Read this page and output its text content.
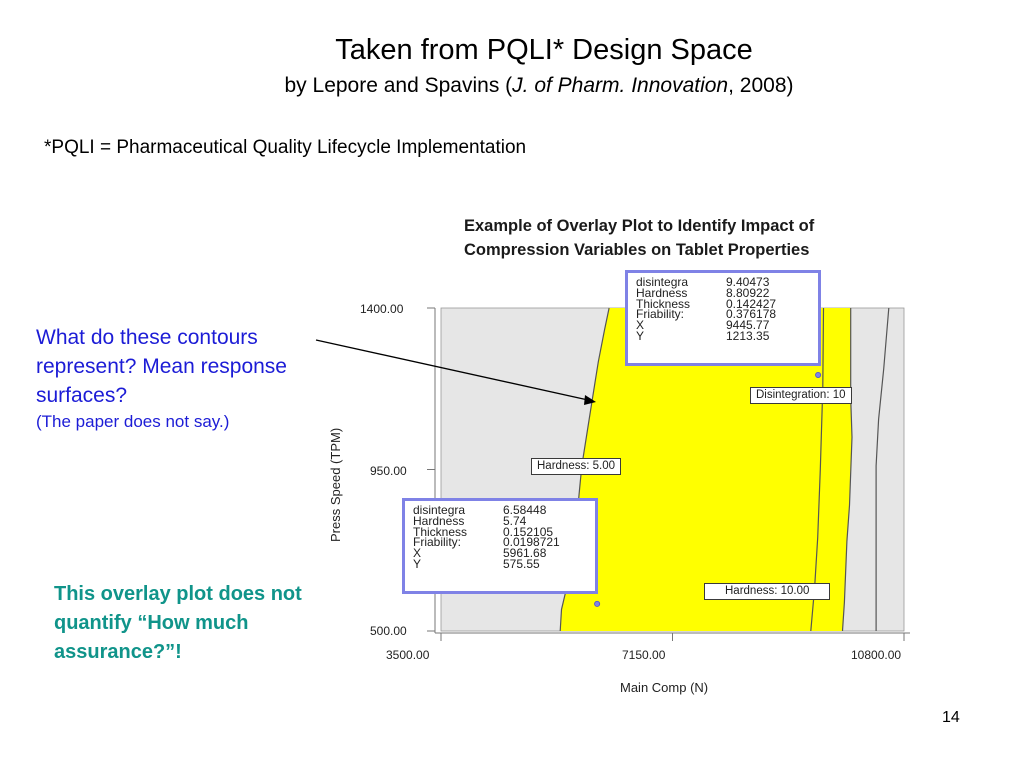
Taken from PQLI* Design Space
by Lepore and Spavins (J. of Pharm. Innovation, 2008)
*PQLI = Pharmaceutical Quality Lifecycle Implementation
What do these contours represent? Mean response surfaces?
(The paper does not say.)
This overlay plot does not quantify “How much assurance?”!
14
Example of Overlay Plot to Identify Impact of
Compression Variables on Tablet Properties
1400.00
950.00
500.00
3500.00	7150.00	10800.00
Press Speed (TPM)
Main Comp (N)
Disintegration: 10
Hardness: 5.00
Hardness: 10.00
disintegra	9.40473
Hardness	8.80922
Thickness	0.142427
Friability:	0.376178
X	9445.77
Y	1213.35
disintegra	6.58448
Hardness	5.74
Thickness	0.152105
Friability:	0.0198721
X	5961.68
Y	575.55
